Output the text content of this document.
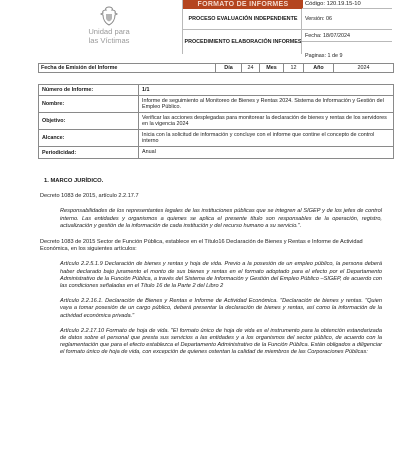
Unidad para
las Víctimas
FORMATO DE INFORMES
PROCESO EVALUACIÓN INDEPENDIENTE
PROCEDIMIENTO ELABORACIÓN INFORMES
Código: 120.19.15-10
Versión: 06
Fecha: 18/07/2024
Paginas: 1 de 9
Fecha de Emisión del Informe	Día	24	Mes	12	Año	2024
Número de Informe:	1/1
Nombre:
Informe de seguimiento al Monitoreo de Bienes y Rentas 2024. Sistema de Información y Gestión del Empleo Público.
Objetivo:
Verificar las acciones desplegadas para monitorear la declaración de bienes y rentas de los servidores en la vigencia 2024
Alcance:
Inicia con la solicitud de información y concluye con el informe que contine el concepto de control interno
Periodicidad:	Anual
1. MARCO JURÍDICO.
Decreto 1083 de 2015, artículo 2.2.17.7
Responsabilidades de los representantes legales de las instituciones públicas que se integren al SIGEP y de los jefes de control interno. Las entidades y organismos a quienes se aplica el presente título son responsables de la operación, registro, actualización y gestión de la información de cada institución y del recurso humano a su servicio.".
Decreto 1083 de 2015 Sector de Función Pública, establece en el Título16 Declaración de Bienes y Rentas e Informe de Actividad Económica, en los siguientes artículos:
Artículo 2.2.5.1.9 Declaración de bienes y rentas y hoja de vida. Previo a la posesión de un empleo público, la persona deberá haber declarado bajo juramento el monto de sus bienes y rentas en el formato adoptado para el efecto por el Departamento Administrativo de la Función Pública, a través del Sistema de Información y Gestión del Empleo Público –SIGEP, de acuerdo con las condiciones señaladas en el Título 16 de la Parte 2 del Libro 2
Artículo 2.2.16.1. Declaración de Bienes y Rentas e Informe de Actividad Económica. "Declaración de bienes y rentas. "Quien vaya a tomar posesión de un cargo público, deberá presentar la declaración de bienes y rentas, así como la información de la actividad económica privada."
Artículo 2.2.17.10 Formato de hoja de vida. "El formato único de hoja de vida es el instrumento para la obtención estandarizada de datos sobre el personal que presta sus servicios a las entidades y a los organismos del sector público, de acuerdo con la reglamentación que para el efecto establezca el Departamento Administrativo de la Función Pública. Están obligados a diligenciar el formato único de hoja de vida, con excepción de quienes ostentan la calidad de miembros de las Corporaciones Públicas:
